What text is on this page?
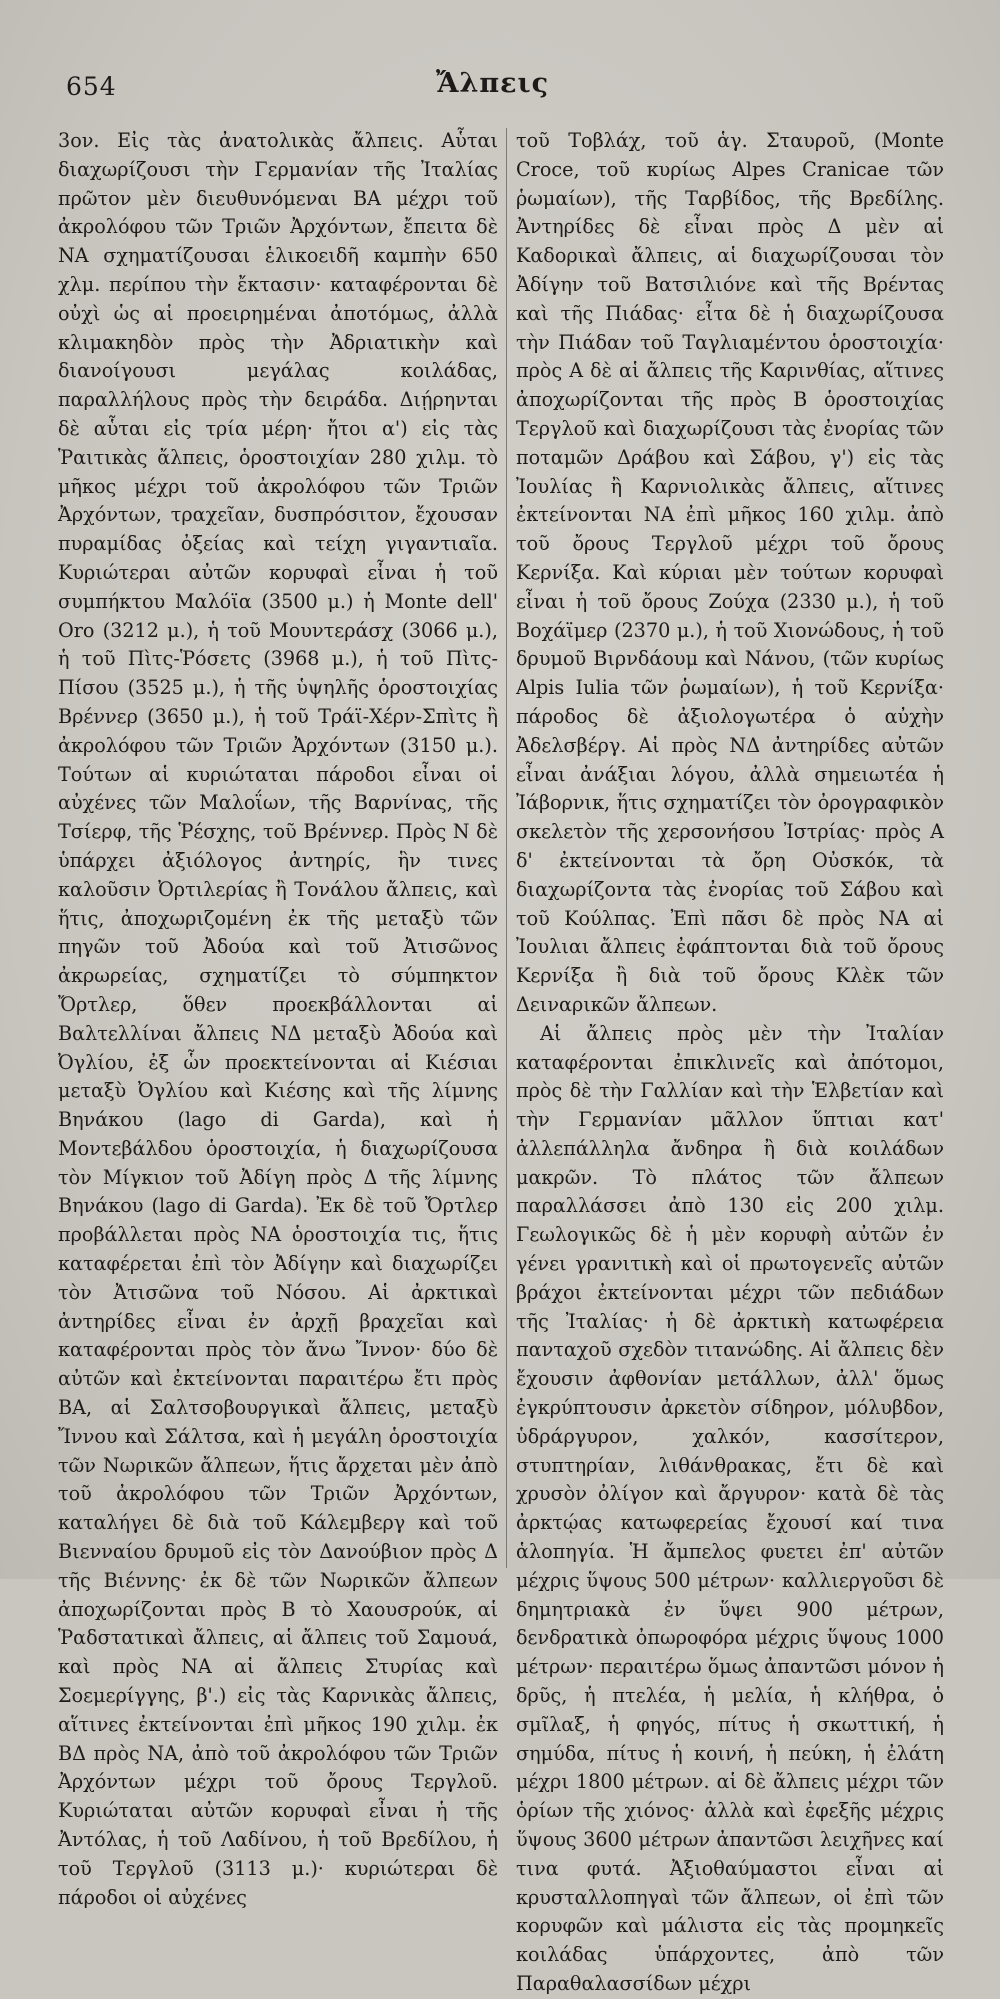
654	Ἄλπεις

3ον. Εἰς τὰς ἀνατολικὰς ἄλπεις. Αὗται διαχωρίζουσι τὴν Γερμανίαν τῆς Ἰταλίας πρῶτον μὲν διευθυνόμεναι ΒΑ μέχρι τοῦ ἀκρολόφου τῶν Τριῶν Ἀρχόντων, ἔπειτα δὲ ΝΑ σχηματίζουσαι ἑλικοειδῆ καμπὴν 650 χλμ. περίπου τὴν ἔκτασιν· καταφέρονται δὲ οὐχὶ ὡς αἱ προειρημέναι ἀποτόμως, ἀλλὰ κλιμακηδὸν πρὸς τὴν Ἀδριατικὴν καὶ διανοίγουσι μεγάλας κοιλάδας, παραλλήλους πρὸς τὴν δειράδα. Διῄρηνται δὲ αὗται εἰς τρία μέρη· ἤτοι α') εἰς τὰς Ῥαιτικὰς ἄλπεις, ὁροστοιχίαν 280 χιλμ. τὸ μῆκος μέχρι τοῦ ἀκρολόφου τῶν Τριῶν Ἀρχόντων, τραχεῖαν, δυσπρόσιτον, ἔχουσαν πυραμίδας ὀξείας καὶ τείχη γιγαντιαῖα. Κυριώτεραι αὐτῶν κορυφαὶ εἶναι ἡ τοῦ συμπήκτου Μαλόϊα (3500 μ.) ἡ Monte dell' Oro (3212 μ.), ἡ τοῦ Μουντεράσχ (3066 μ.), ἡ τοῦ Πὶτς-Ῥόσετς (3968 μ.), ἡ τοῦ Πὶτς-Πίσου (3525 μ.), ἡ τῆς ὑψηλῆς ὁροστοιχίας Βρέννερ (3650 μ.), ἡ τοῦ Τράϊ-Χέρν-Σπὶτς ἢ ἀκρολόφου τῶν Τριῶν Ἀρχόντων (3150 μ.). Τούτων αἱ κυριώταται πάροδοι εἶναι οἱ αὐχένες τῶν Μαλοΐων, τῆς Βαρνίνας, τῆς Τσίερφ, τῆς Ῥέσχης, τοῦ Βρέννερ. Πρὸς Ν δὲ ὑπάρχει ἀξιόλογος ἀντηρίς, ἣν τινες καλοῦσιν Ὀρτιλερίας ἢ Τονάλου ἄλπεις, καὶ ἥτις, ἀποχωριζομένη ἐκ τῆς μεταξὺ τῶν πηγῶν τοῦ Ἀδούα καὶ τοῦ Ἀτισῶνος ἀκρωρείας, σχηματίζει τὸ σύμπηκτον Ὄρτλερ, ὅθεν προεκβάλλονται αἱ Βαλτελλίναι ἄλπεις ΝΔ μεταξὺ Ἀδούα καὶ Ὀγλίου, ἐξ ὧν προεκτείνονται αἱ Κιέσιαι μεταξὺ Ὀγλίου καὶ Κιέσης καὶ τῆς λίμνης Βηνάκου (lago di Garda), καὶ ἡ Μοντεβάλδου ὁροστοιχία, ἡ διαχωρίζουσα τὸν Μίγκιον τοῦ Ἀδίγη πρὸς Δ τῆς λίμνης Βηνάκου (lago di Garda). Ἐκ δὲ τοῦ Ὄρτλερ προβάλλεται πρὸς ΝΑ ὁροστοιχία τις, ἥτις καταφέρεται ἐπὶ τὸν Ἀδίγην καὶ διαχωρίζει τὸν Ἀτισῶνα τοῦ Νόσου. Αἱ ἀρκτικαὶ ἀντηρίδες εἶναι ἐν ἀρχῇ βραχεῖαι καὶ καταφέρονται πρὸς τὸν ἄνω Ἴννον· δύο δὲ αὐτῶν καὶ ἐκτείνονται παραιτέρω ἔτι πρὸς ΒΑ, αἱ Σαλτσοβουργικαὶ ἄλπεις, μεταξὺ Ἴννου καὶ Σάλτσα, καὶ ἡ μεγάλη ὁροστοιχία τῶν Νωρικῶν ἄλπεων, ἥτις ἄρχεται μὲν ἀπὸ τοῦ ἀκρολόφου τῶν Τριῶν Ἀρχόντων, καταλήγει δὲ διὰ τοῦ Κάλεμβεργ καὶ τοῦ Βιενναίου δρυμοῦ εἰς τὸν Δανούβιον πρὸς Δ τῆς Βιέννης· ἐκ δὲ τῶν Νωρικῶν ἄλπεων ἀποχωρίζονται πρὸς Β τὸ Χαουσρούκ, αἱ Ῥαδστατικαὶ ἄλπεις, αἱ ἄλπεις τοῦ Σαμουά, καὶ πρὸς ΝΑ αἱ ἄλπεις Στυρίας καὶ Σοεμερίγγης, β'.) εἰς τὰς Καρνικὰς ἄλπεις, αἵτινες ἐκτείνονται ἐπὶ μῆκος 190 χιλμ. ἐκ ΒΔ πρὸς ΝΑ, ἀπὸ τοῦ ἀκρολόφου τῶν Τριῶν Ἀρχόντων μέχρι τοῦ ὄρους Τεργλοῦ. Κυριώταται αὐτῶν κορυφαὶ εἶναι ἡ τῆς Ἀντόλας, ἡ τοῦ Λαδίνου, ἡ τοῦ Βρεδίλου, ἡ τοῦ Τεργλοῦ (3113 μ.)· κυριώτεραι δὲ πάροδοι οἱ αὐχένες

τοῦ Τοβλάχ, τοῦ ἁγ. Σταυροῦ, (Monte Croce, τοῦ κυρίως Alpes Cranicae τῶν ῥωμαίων), τῆς Ταρβίδος, τῆς Βρεδίλης. Ἀντηρίδες δὲ εἶναι πρὸς Δ μὲν αἱ Καδορικαὶ ἄλπεις, αἱ διαχωρίζουσαι τὸν Ἀδίγην τοῦ Βατσιλιόνε καὶ τῆς Βρέντας καὶ τῆς Πιάδας· εἶτα δὲ ἡ διαχωρίζουσα τὴν Πιάδαν τοῦ Ταγλιαμέντου ὁροστοιχία· πρὸς Α δὲ αἱ ἄλπεις τῆς Καρινθίας, αἵτινες ἀποχωρίζονται τῆς πρὸς Β ὁροστοιχίας Τεργλοῦ καὶ διαχωρίζουσι τὰς ἐνορίας τῶν ποταμῶν Δράβου καὶ Σάβου, γ') εἰς τὰς Ἰουλίας ἢ Καρνιολικὰς ἄλπεις, αἵτινες ἐκτείνονται ΝΑ ἐπὶ μῆκος 160 χιλμ. ἀπὸ τοῦ ὄρους Τεργλοῦ μέχρι τοῦ ὄρους Κερνίξα. Καὶ κύριαι μὲν τούτων κορυφαὶ εἶναι ἡ τοῦ ὄρους Ζούχα (2330 μ.), ἡ τοῦ Βοχάϊμερ (2370 μ.), ἡ τοῦ Χιονώδους, ἡ τοῦ δρυμοῦ Βιρνδάουμ καὶ Νάνου, (τῶν κυρίως Alpis Iulia τῶν ῥωμαίων), ἡ τοῦ Κερνίξα· πάροδος δὲ ἀξιολογωτέρα ὁ αὐχὴν Ἀδελσβέργ. Αἱ πρὸς ΝΔ ἀντηρίδες αὐτῶν εἶναι ἀνάξιαι λόγου, ἀλλὰ σημειωτέα ἡ Ἰάβορνικ, ἥτις σχηματίζει τὸν ὀρογραφικὸν σκελετὸν τῆς χερσονήσου Ἰστρίας· πρὸς Α δ' ἐκτείνονται τὰ ὄρη Οὐσκόκ, τὰ διαχωρίζοντα τὰς ἐνορίας τοῦ Σάβου καὶ τοῦ Κούλπας. Ἐπὶ πᾶσι δὲ πρὸς ΝΑ αἱ Ἰουλιαι ἄλπεις ἐφάπτονται διὰ τοῦ ὄρους Κερνίξα ἢ διὰ τοῦ ὄρους Κλὲκ τῶν Δειναρικῶν ἄλπεων.

Αἱ ἄλπεις πρὸς μὲν τὴν Ἰταλίαν καταφέρονται ἐπικλινεῖς καὶ ἀπότομοι, πρὸς δὲ τὴν Γαλλίαν καὶ τὴν Ἑλβετίαν καὶ τὴν Γερμανίαν μᾶλλον ὕπτιαι κατ' ἀλλεπάλληλα ἄνδηρα ἢ διὰ κοιλάδων μακρῶν. Τὸ πλάτος τῶν ἄλπεων παραλλάσσει ἀπὸ 130 εἰς 200 χιλμ. Γεωλογικῶς δὲ ἡ μὲν κορυφὴ αὐτῶν ἐν γένει γρανιτικὴ καὶ οἱ πρωτογενεῖς αὐτῶν βράχοι ἐκτείνονται μέχρι τῶν πεδιάδων τῆς Ἰταλίας· ἡ δὲ ἀρκτικὴ κατωφέρεια πανταχοῦ σχεδὸν τιτανώδης. Αἱ ἄλπεις δὲν ἔχουσιν ἀφθονίαν μετάλλων, ἀλλ' ὅμως ἐγκρύπτουσιν ἀρκετὸν σίδηρον, μόλυβδον, ὑδράργυρον, χαλκόν, κασσίτερον, στυπτηρίαν, λιθάνθρακας, ἔτι δὲ καὶ χρυσὸν ὀλίγον καὶ ἄργυρον· κατὰ δὲ τὰς ἀρκτῴας κατωφερείας ἔχουσί καί τινα ἁλοπηγία. Ἡ ἄμπελος φυετει ἐπ' αὐτῶν μέχρις ὕψους 500 μέτρων· καλλιεργοῦσι δὲ δημητριακὰ ἐν ὕψει 900 μέτρων, δενδρατικὰ ὀπωροφόρα μέχρις ὕψους 1000 μέτρων· περαιτέρω ὅμως ἀπαντῶσι μόνον ἡ δρῦς, ἡ πτελέα, ἡ μελία, ἡ κλήθρα, ὁ σμῖλαξ, ἡ φηγός, πίτυς ἡ σκωττική, ἡ σημύδα, πίτυς ἡ κοινή, ἡ πεύκη, ἡ ἐλάτη μέχρι 1800 μέτρων. αἱ δὲ ἄλπεις μέχρι τῶν ὁρίων τῆς χιόνος· ἀλλὰ καὶ ἐφεξῆς μέχρις ὕψους 3600 μέτρων ἀπαντῶσι λειχῆνες καί τινα φυτά. Ἀξιοθαύμαστοι εἶναι αἱ κρυσταλλοπηγαὶ τῶν ἄλπεων, οἱ ἐπὶ τῶν κορυφῶν καὶ μάλιστα εἰς τὰς προμηκεῖς κοιλάδας ὑπάρχοντες, ἀπὸ τῶν Παραθαλασσίδων μέχρι
